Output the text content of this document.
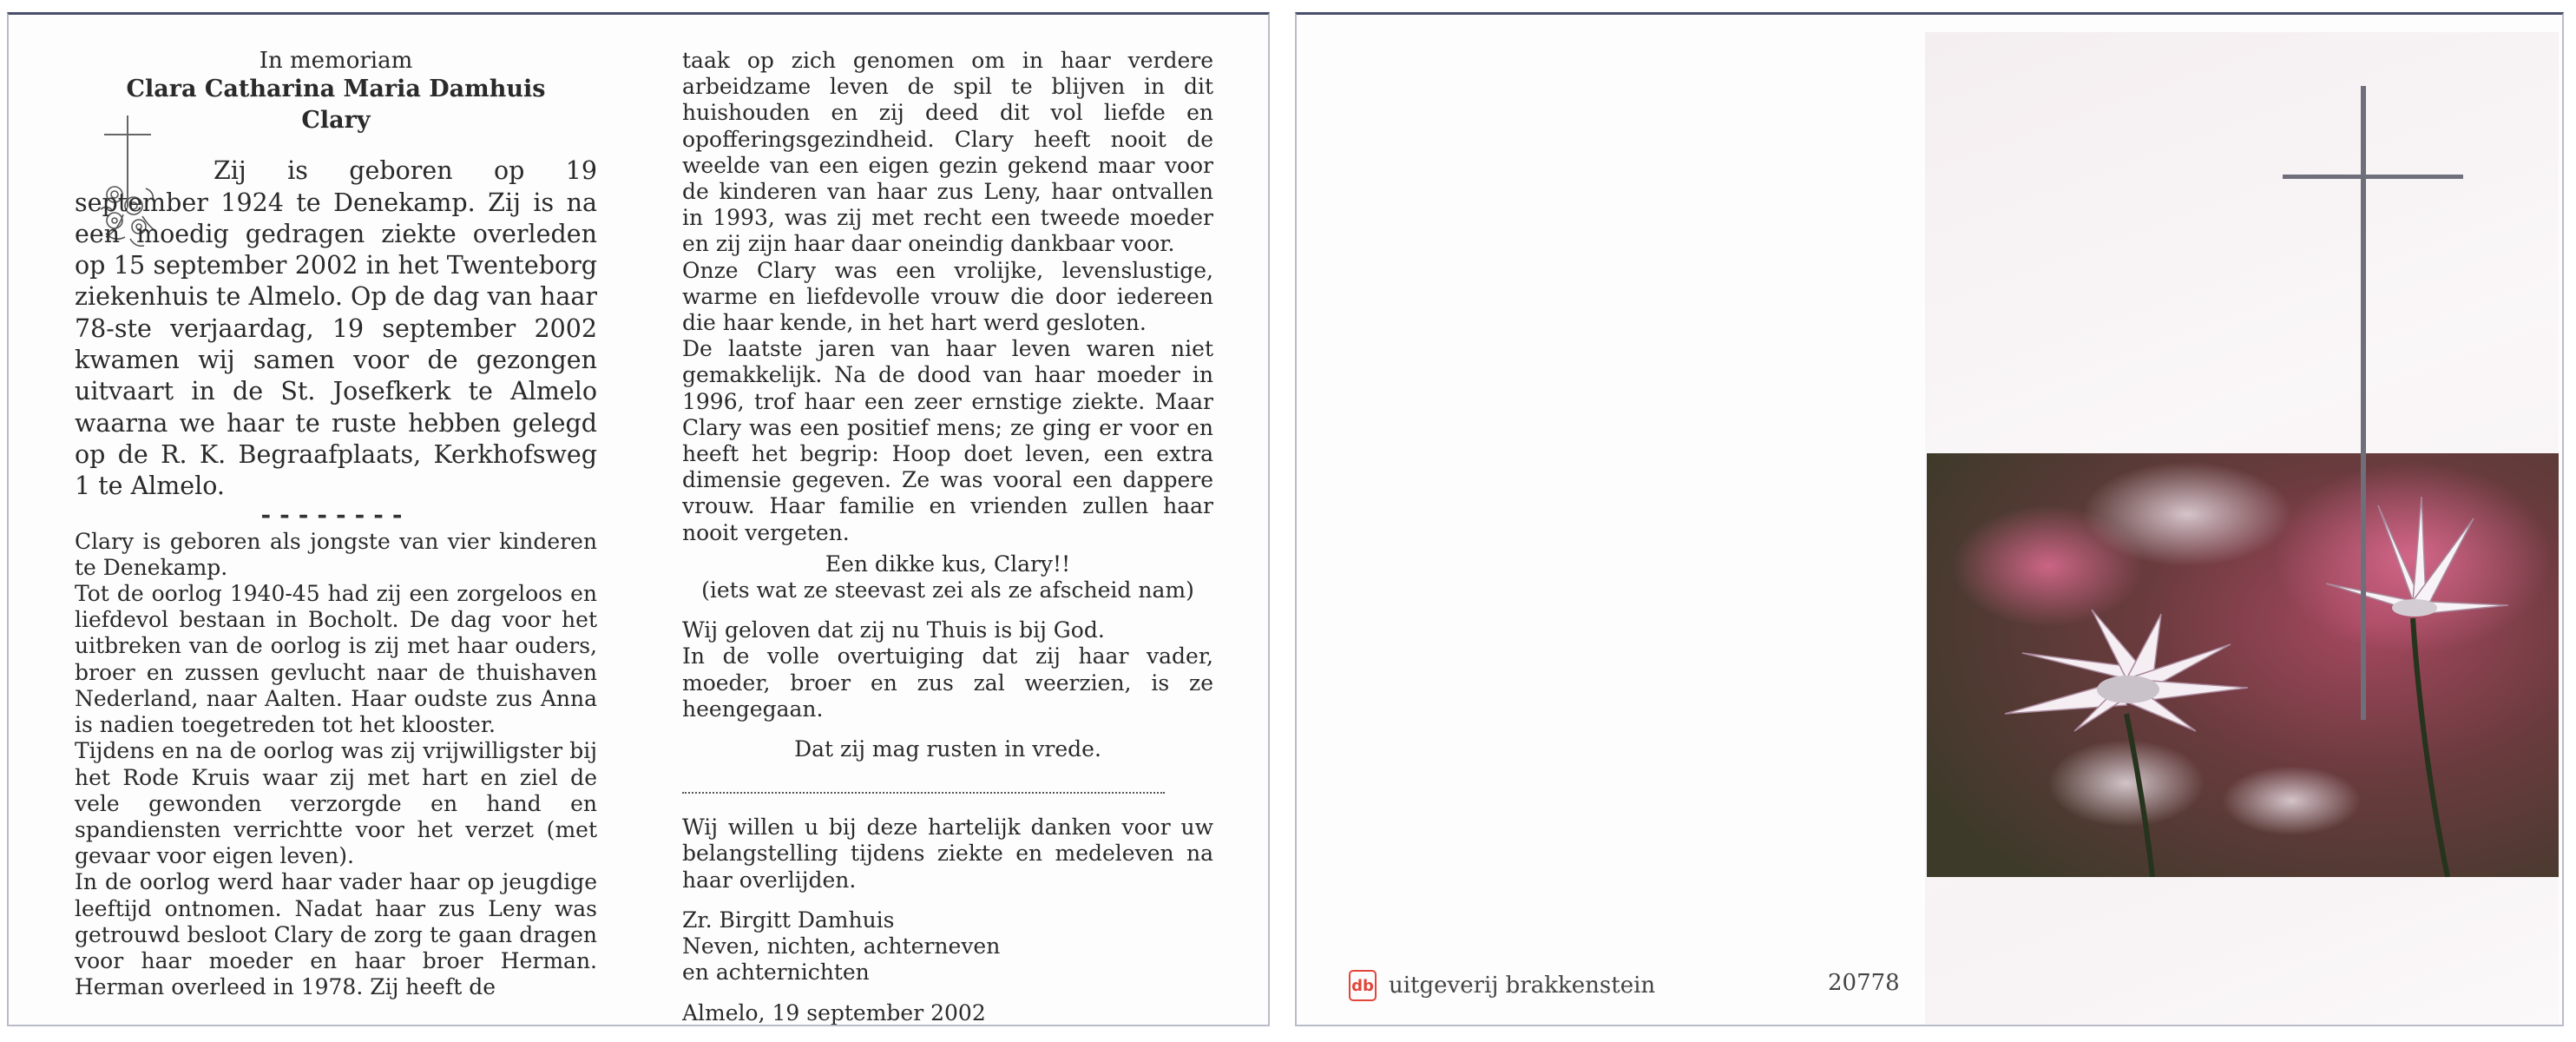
In memoriam

Clara Catharina Maria Damhuis

Clary

Zij is geboren op 19 september 1924 te Denekamp. Zij is na een moedig gedragen ziekte overleden op 15 september 2002 in het Twenteborg ziekenhuis te Almelo. Op de dag van haar 78-ste verjaardag, 19 september 2002 kwamen wij samen voor de gezongen uitvaart in de St. Josefkerk te Almelo waarna we haar te ruste hebben gelegd op de R. K. Begraafplaats, Kerkhofsweg 1 te Almelo.

--------

Clary is geboren als jongste van vier kinderen te Denekamp.

Tot de oorlog 1940-45 had zij een zorgeloos en liefdevol bestaan in Bocholt. De dag voor het uitbreken van de oorlog is zij met haar ouders, broer en zussen gevlucht naar de thuishaven Nederland, naar Aalten. Haar oudste zus Anna is nadien toegetreden tot het klooster.

Tijdens en na de oorlog was zij vrijwilligster bij het Rode Kruis waar zij met hart en ziel de vele gewonden verzorgde en hand en spandiensten verrichtte voor het verzet (met gevaar voor eigen leven).

In de oorlog werd haar vader haar op jeugdige leeftijd ontnomen. Nadat haar zus Leny was getrouwd besloot Clary de zorg te gaan dragen voor haar moeder en haar broer Herman. Herman overleed in 1978. Zij heeft de

taak op zich genomen om in haar verdere arbeidzame leven de spil te blijven in dit huishouden en zij deed dit vol liefde en opofferingsgezindheid. Clary heeft nooit de weelde van een eigen gezin gekend maar voor de kinderen van haar zus Leny, haar ontvallen in 1993, was zij met recht een tweede moeder en zij zijn haar daar oneindig dankbaar voor.

Onze Clary was een vrolijke, levenslustige, warme en liefdevolle vrouw die door iedereen die haar kende, in het hart werd gesloten.

De laatste jaren van haar leven waren niet gemakkelijk. Na de dood van haar moeder in 1996, trof haar een zeer ernstige ziekte. Maar Clary was een positief mens; ze ging er voor en heeft het begrip: Hoop doet leven, een extra dimensie gegeven. Ze was vooral een dappere vrouw. Haar familie en vrienden zullen haar nooit vergeten.

Een dikke kus, Clary!!

(iets wat ze steevast zei als ze afscheid nam)

Wij geloven dat zij nu Thuis is bij God.

In de volle overtuiging dat zij haar vader, moeder, broer en zus zal weerzien, is ze heengegaan.

Dat zij mag rusten in vrede.

Wij willen u bij deze hartelijk danken voor uw belangstelling tijdens ziekte en medeleven na haar overlijden.

Zr. Birgitt Damhuis

Neven, nichten, achterneven

en achternichten

Almelo, 19 september 2002

db uitgeverij brakkenstein	20778
